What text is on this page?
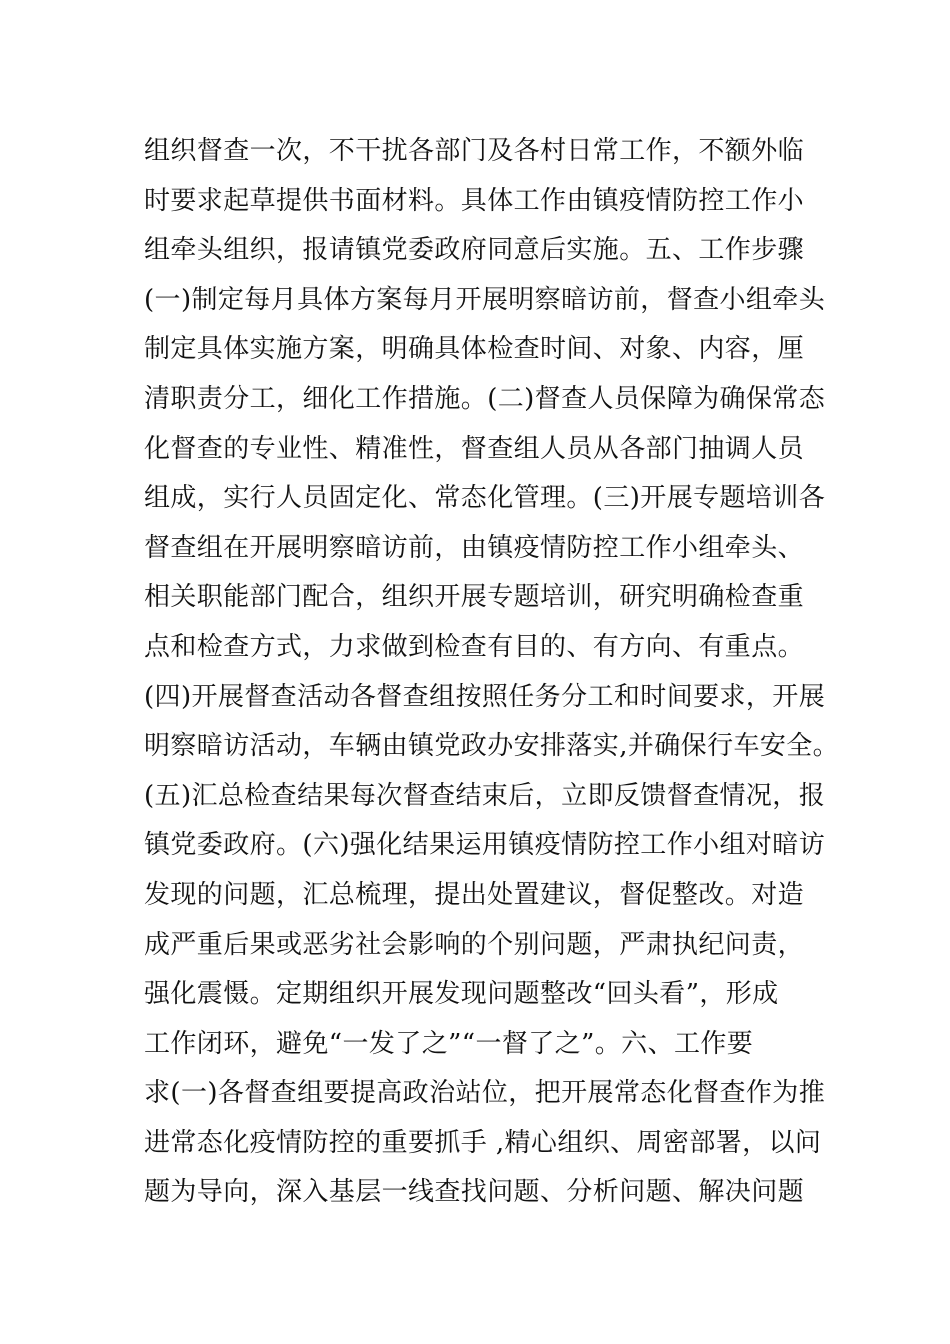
组织督查一次，不干扰各部门及各村日常工作，不额外临
时要求起草提供书面材料。具体工作由镇疫情防控工作小
组牵头组织，报请镇党委政府同意后实施。五、工作步骤
(一)制定每月具体方案每月开展明察暗访前，督查小组牵头
制定具体实施方案，明确具体检查时间、对象、内容，厘
清职责分工，细化工作措施。(二)督查人员保障为确保常态
化督查的专业性、精准性，督查组人员从各部门抽调人员
组成，实行人员固定化、常态化管理。(三)开展专题培训各
督查组在开展明察暗访前，由镇疫情防控工作小组牵头、
相关职能部门配合，组织开展专题培训，研究明确检查重
点和检查方式，力求做到检查有目的、有方向、有重点。
(四)开展督查活动各督查组按照任务分工和时间要求，开展
明察暗访活动，车辆由镇党政办安排落实,并确保行车安全。
(五)汇总检查结果每次督查结束后，立即反馈督查情况，报
镇党委政府。(六)强化结果运用镇疫情防控工作小组对暗访
发现的问题，汇总梳理，提出处置建议，督促整改。对造
成严重后果或恶劣社会影响的个别问题，严肃执纪问责，
强化震慑。定期组织开展发现问题整改“回头看”，形成
工作闭环，避免“一发了之”“一督了之”。六、工作要
求(一)各督查组要提高政治站位，把开展常态化督查作为推
进常态化疫情防控的重要抓手 ,精心组织、周密部署，以问
题为导向，深入基层一线查找问题、分析问题、解决问题
